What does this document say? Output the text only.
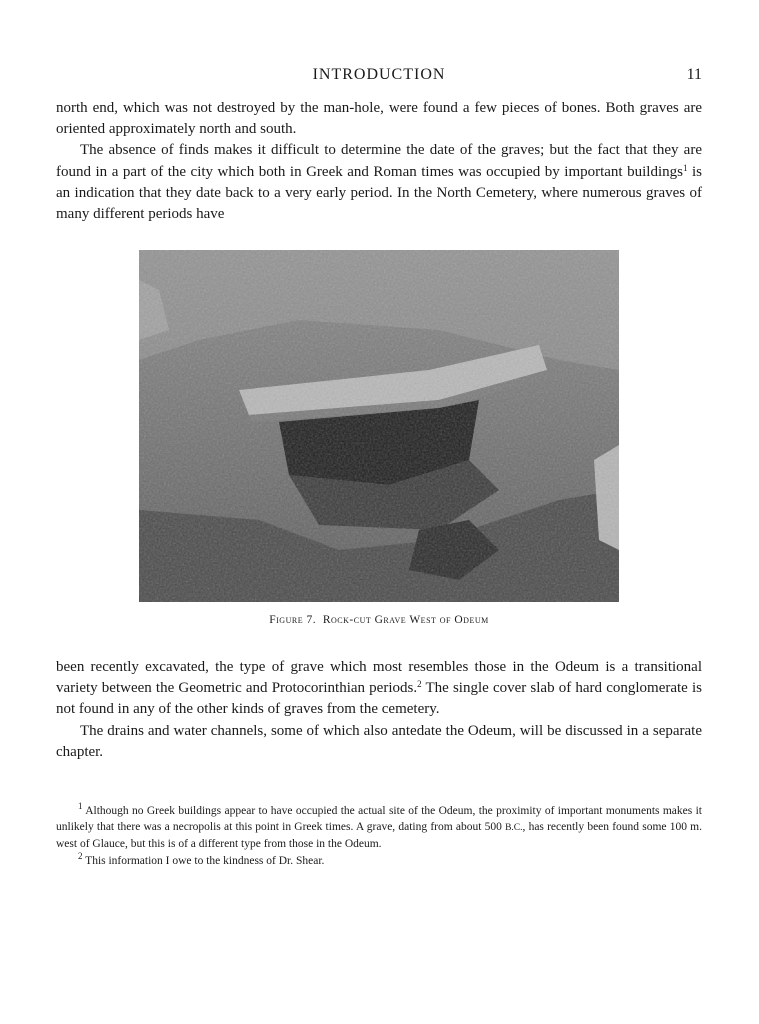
INTRODUCTION	11

north end, which was not destroyed by the man-hole, were found a few pieces of bones. Both graves are oriented approximately north and south.

The absence of finds makes it difficult to determine the date of the graves; but the fact that they are found in a part of the city which both in Greek and Roman times was occupied by important buildings$^1$ is an indication that they date back to a very early period. In the North Cemetery, where numerous graves of many different periods have

Figure 7. Rock-cut Grave West of Odeum

been recently excavated, the type of grave which most resembles those in the Odeum is a transitional variety between the Geometric and Protocorinthian periods.$^2$ The single cover slab of hard conglomerate is not found in any of the other kinds of graves from the cemetery.

The drains and water channels, some of which also antedate the Odeum, will be discussed in a separate chapter.

$^1$ Although no Greek buildings appear to have occupied the actual site of the Odeum, the proximity of important monuments makes it unlikely that there was a necropolis at this point in Greek times. A grave, dating from about 500 B.C., has recently been found some 100 m. west of Glauce, but this is of a different type from those in the Odeum.

$^2$ This information I owe to the kindness of Dr. Shear.
